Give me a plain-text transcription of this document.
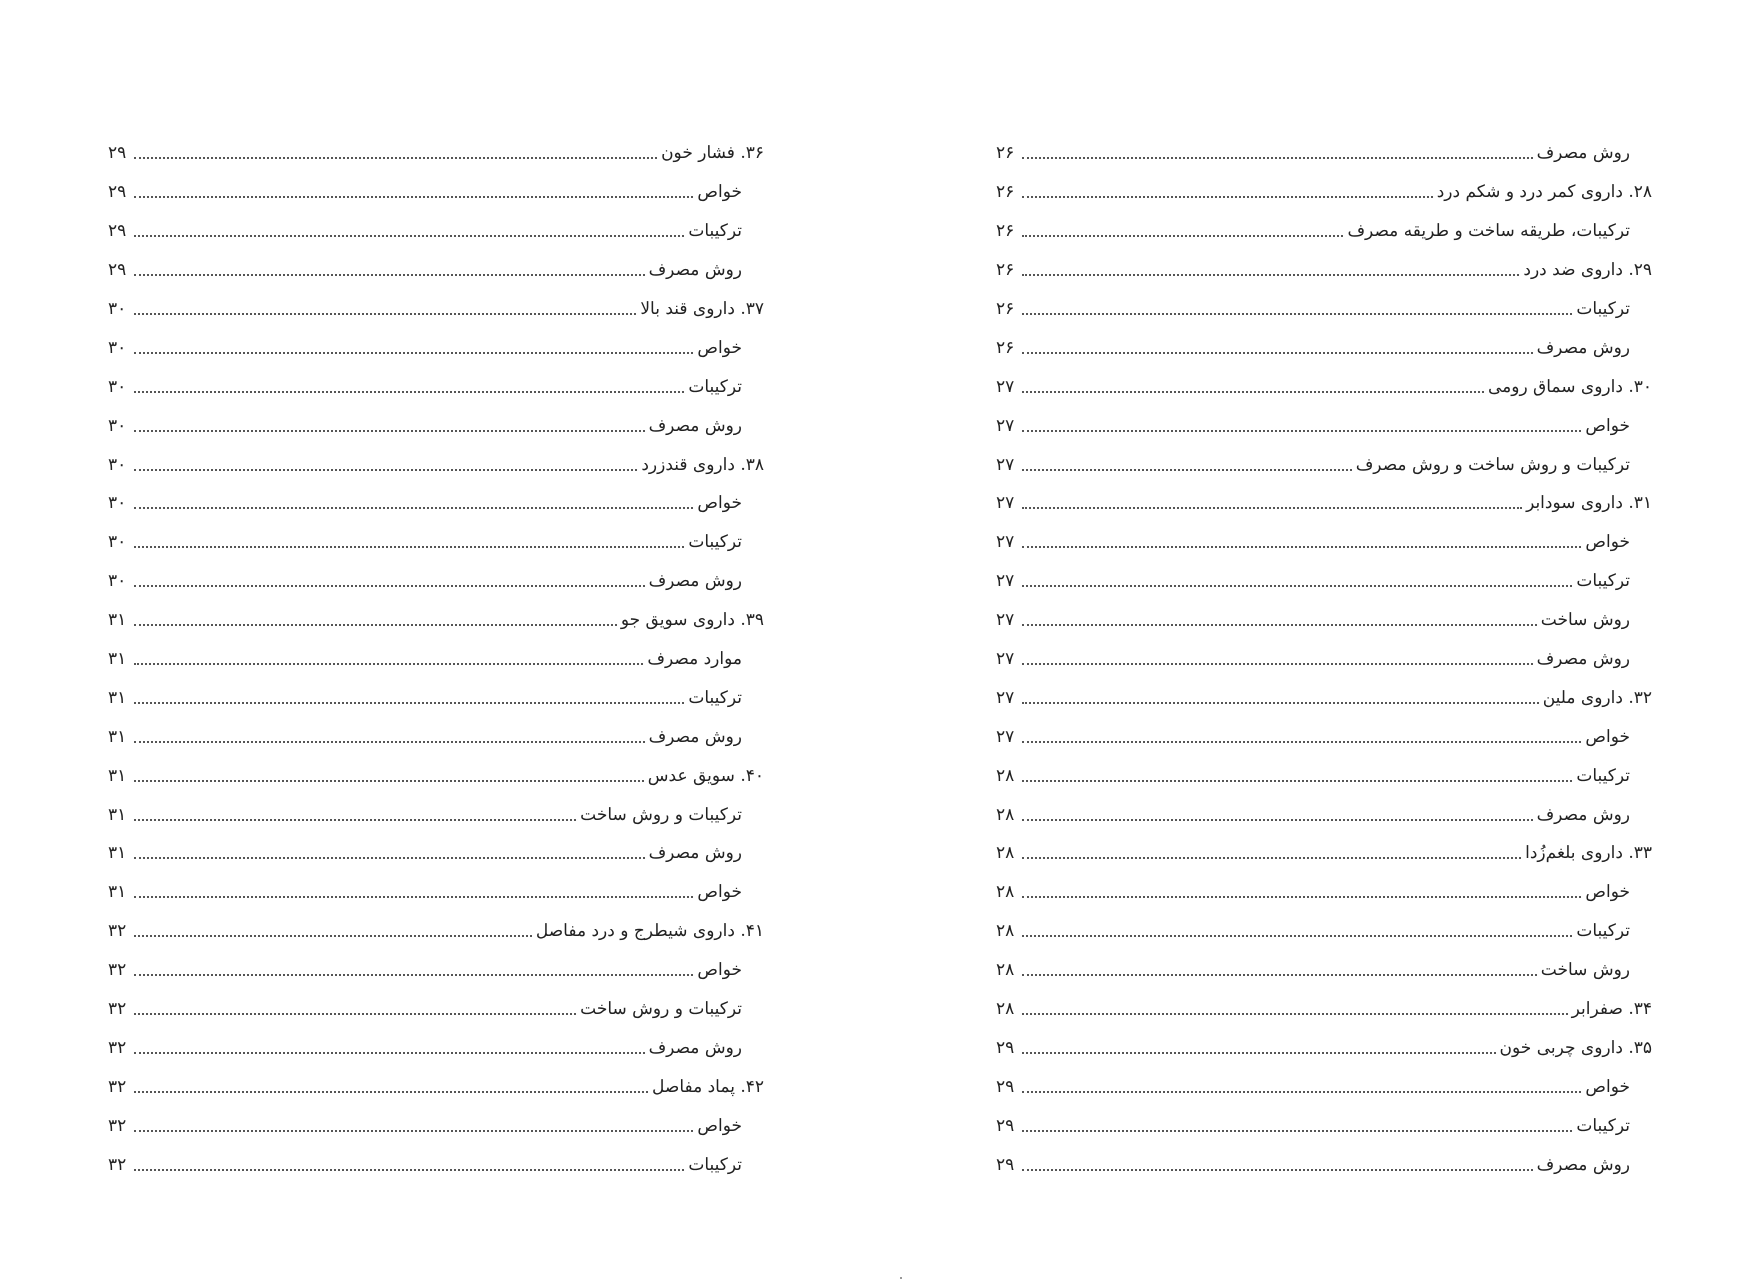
روش مصرف
۲۶
۲۸. داروی کمر درد و شکم درد
۲۶
ترکیبات، طریقه ساخت و طریقه مصرف
۲۶
۲۹. داروی ضد درد
۲۶
ترکیبات
۲۶
روش مصرف
۲۶
۳۰. داروی سماق رومی
۲۷
خواص
۲۷
ترکیبات و روش ساخت و روش مصرف
۲۷
۳۱. داروی سودابر
۲۷
خواص
۲۷
ترکیبات
۲۷
روش ساخت
۲۷
روش مصرف
۲۷
۳۲. داروی ملین
۲۷
خواص
۲۷
ترکیبات
۲۸
روش مصرف
۲۸
۳۳. داروی بلغم‌زُدا
۲۸
خواص
۲۸
ترکیبات
۲۸
روش ساخت
۲۸
۳۴. صفرابر
۲۸
۳۵. داروی چربی خون
۲۹
خواص
۲۹
ترکیبات
۲۹
روش مصرف
۲۹
۳۶. فشار خون
۲۹
خواص
۲۹
ترکیبات
۲۹
روش مصرف
۲۹
۳۷. داروی قند بالا
۳۰
خواص
۳۰
ترکیبات
۳۰
روش مصرف
۳۰
۳۸. داروی قندزرد
۳۰
خواص
۳۰
ترکیبات
۳۰
روش مصرف
۳۰
۳۹. داروی سویق جو
۳۱
موارد مصرف
۳۱
ترکیبات
۳۱
روش مصرف
۳۱
۴۰. سویق عدس
۳۱
ترکیبات و روش ساخت
۳۱
روش مصرف
۳۱
خواص
۳۱
۴۱. داروی شیطرج و درد مفاصل
۳۲
خواص
۳۲
ترکیبات و روش ساخت
۳۲
روش مصرف
۳۲
۴۲. پماد مفاصل
۳۲
خواص
۳۲
ترکیبات
۳۲
